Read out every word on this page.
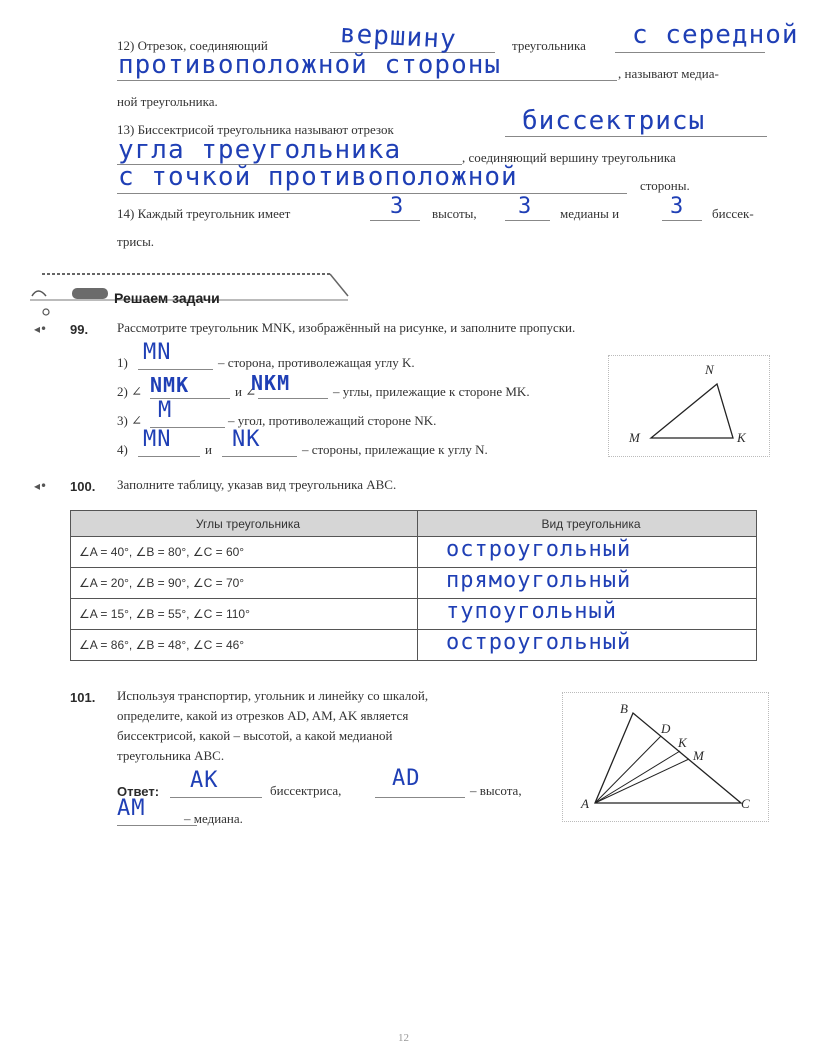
12) Отрезок, соединяющий	вершину	треугольника с середной
противоположной стороны	, называют медиа-
ной треугольника.
13) Биссектрисой треугольника называют отрезок	биссектрисы
угла треугольника	, соединяющий вершину треугольника
с точкой противоположной	стороны.
14) Каждый треугольник имеет	3 высоты, 3 медианы и 3 биссек-
трисы.
Решаем задачи
◂• 99. Рассмотрите треугольник MNK, изображённый на рисунке, и заполните пропуски.
1) MN	– сторона, противолежащая углу K.
2) ∠ NMK	и ∠
NKM	– углы, прилежащие к стороне MK.
3) ∠ M	– угол, противолежащий стороне NK.
4) MN	и NK	– стороны, прилежащие к углу N.
N
M	K
◂• 100. Заполните таблицу, указав вид треугольника ABC.
Углы треугольника	Вид треугольника
∠A = 40°, ∠B = 80°, ∠C = 60°	остроугольный

∠A = 20°, ∠B = 90°, ∠C = 70°	прямоугольный

∠A = 15°, ∠B = 55°, ∠C = 110°	тупоугольный

∠A = 86°, ∠B = 48°, ∠C = 46°	остроугольный
101. Используя транспортир, угольник и линейку со шкалой,
определите, какой из отрезков AD, AM, AK является
биссектрисой, какой – высотой, а какой медианой
треугольника ABC.
Ответ: AK	биссектриса, AD	– высота,
AM	– медиана.
B
D
K
M
A	C
12
